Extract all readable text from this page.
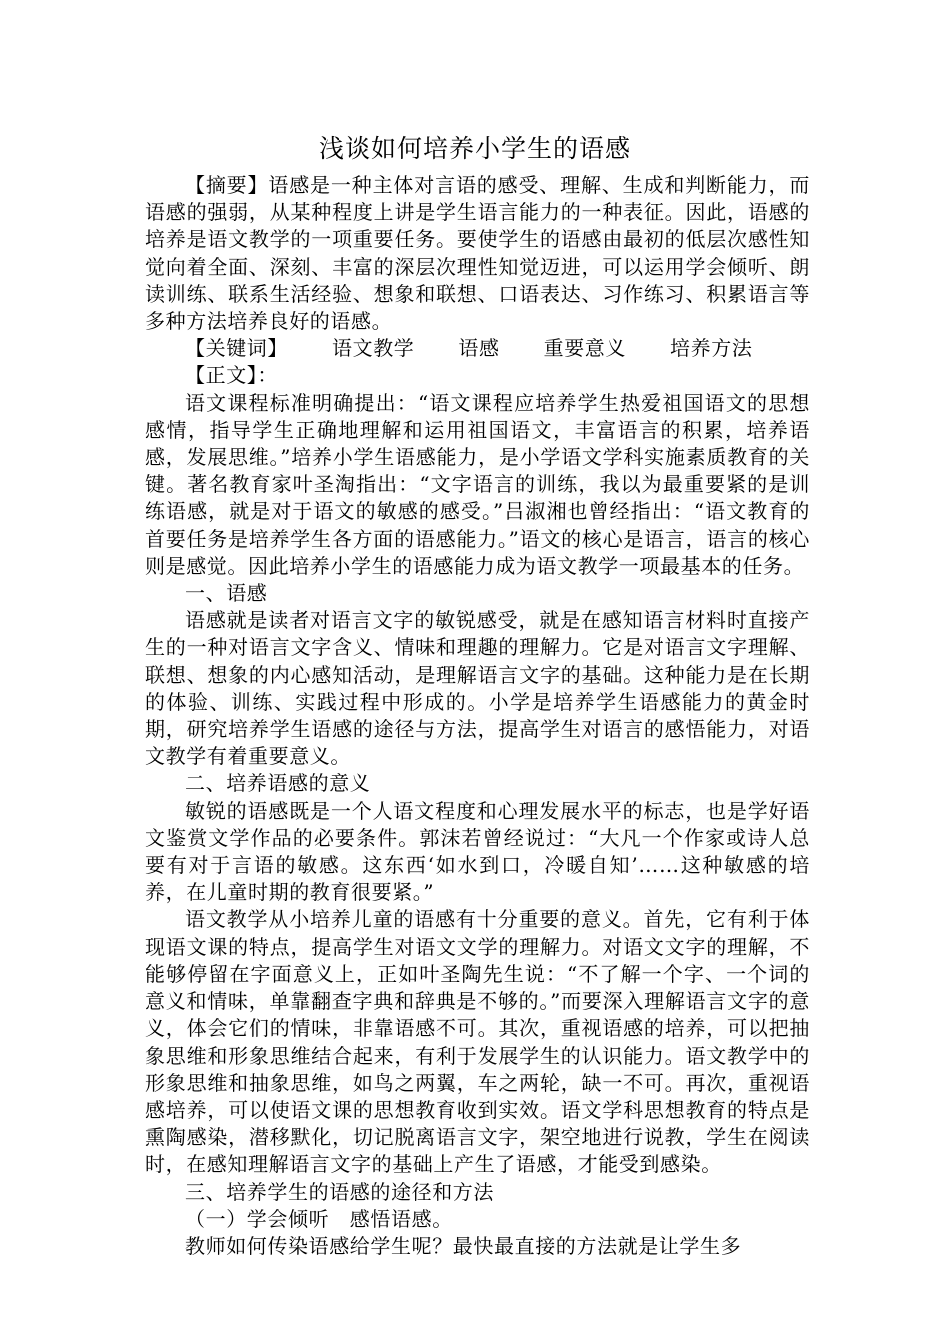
浅谈如何培养小学生的语感

【摘要】语感是一种主体对言语的感受、理解、生成和判断能力，而语感的强弱，从某种程度上讲是学生语言能力的一种表征。因此，语感的培养是语文教学的一项重要任务。要使学生的语感由最初的低层次感性知觉向着全面、深刻、丰富的深层次理性知觉迈进，可以运用学会倾听、朗读训练、联系生活经验、想象和联想、口语表达、习作练习、积累语言等多种方法培养良好的语感。

【关键词】 语文教学 语感 重要意义 培养方法

【正文】：

语文课程标准明确提出：“语文课程应培养学生热爱祖国语文的思想感情，指导学生正确地理解和运用祖国语文，丰富语言的积累，培养语感，发展思维。”培养小学生语感能力，是小学语文学科实施素质教育的关键。著名教育家叶圣淘指出：“文字语言的训练，我以为最重要紧的是训练语感，就是对于语文的敏感的感受。”吕淑湘也曾经指出：“语文教育的首要任务是培养学生各方面的语感能力。”语文的核心是语言，语言的核心则是感觉。因此培养小学生的语感能力成为语文教学一项最基本的任务。

一、语感

语感就是读者对语言文字的敏锐感受，就是在感知语言材料时直接产生的一种对语言文字含义、情味和理趣的理解力。它是对语言文字理解、联想、想象的内心感知活动，是理解语言文字的基础。这种能力是在长期的体验、训练、实践过程中形成的。小学是培养学生语感能力的黄金时期，研究培养学生语感的途径与方法，提高学生对语言的感悟能力，对语文教学有着重要意义。

二、培养语感的意义

敏锐的语感既是一个人语文程度和心理发展水平的标志，也是学好语文鉴赏文学作品的必要条件。郭沫若曾经说过：“大凡一个作家或诗人总要有对于言语的敏感。这东西‘如水到口，冷暖自知’……这种敏感的培养，在儿童时期的教育很要紧。”

语文教学从小培养儿童的语感有十分重要的意义。首先，它有利于体现语文课的特点，提高学生对语文文学的理解力。对语文文字的理解，不能够停留在字面意义上，正如叶圣陶先生说：“不了解一个字、一个词的意义和情味，单靠翻查字典和辞典是不够的。”而要深入理解语言文字的意义，体会它们的情味，非靠语感不可。其次，重视语感的培养，可以把抽象思维和形象思维结合起来，有利于发展学生的认识能力。语文教学中的形象思维和抽象思维，如鸟之两翼，车之两轮，缺一不可。再次，重视语感培养，可以使语文课的思想教育收到实效。语文学科思想教育的特点是熏陶感染，潜移默化，切记脱离语言文字，架空地进行说教，学生在阅读时，在感知理解语言文字的基础上产生了语感，才能受到感染。

三、培养学生的语感的途径和方法

（一）学会倾听　感悟语感。

教师如何传染语感给学生呢？最快最直接的方法就是让学生多
